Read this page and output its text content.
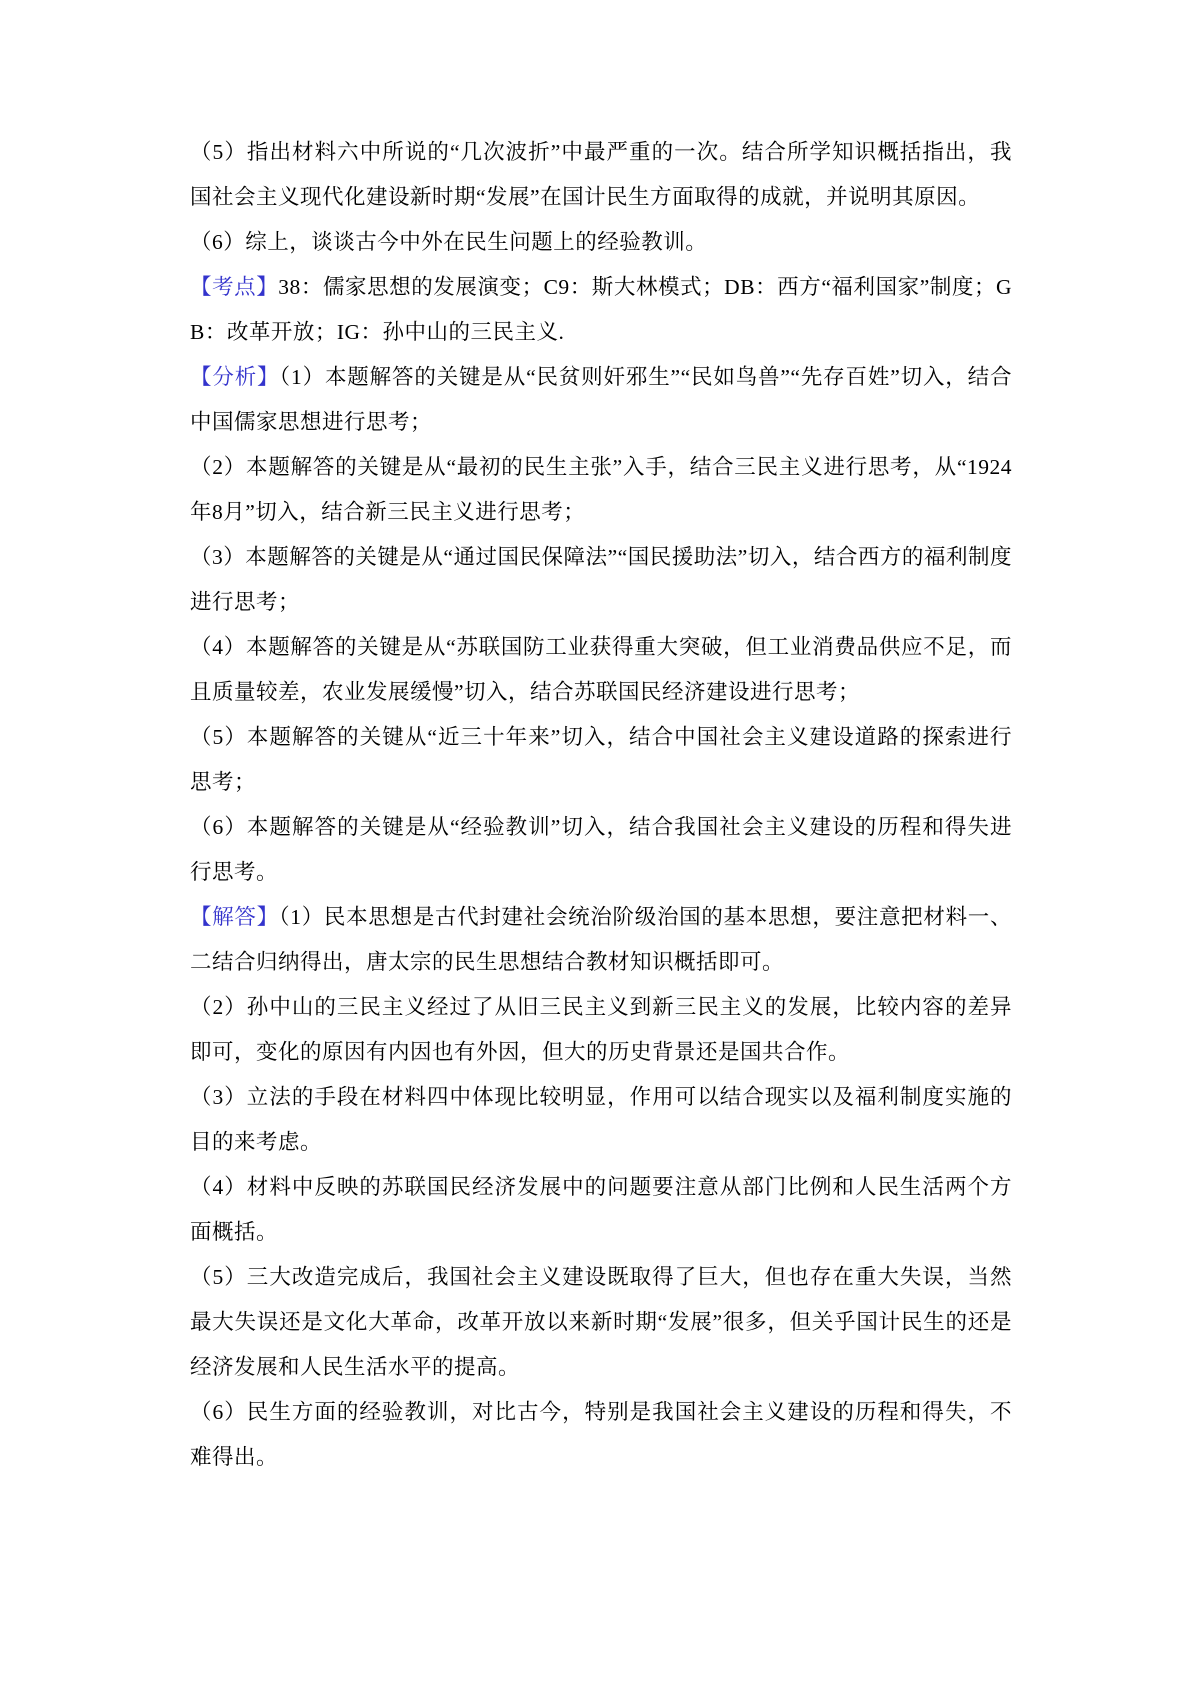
（5）指出材料六中所说的“几次波折”中最严重的一次。结合所学知识概括指出，我国社会主义现代化建设新时期“发展”在国计民生方面取得的成就，并说明其原因。

（6）综上，谈谈古今中外在民生问题上的经验教训。

【考点】38：儒家思想的发展演变；C9：斯大林模式；DB：西方“福利国家”制度；GB：改革开放；IG：孙中山的三民主义.

【分析】（1）本题解答的关键是从“民贫则奸邪生”“民如鸟兽”“先存百姓”切入，结合中国儒家思想进行思考；

（2）本题解答的关键是从“最初的民生主张”入手，结合三民主义进行思考，从“1924年8月”切入，结合新三民主义进行思考；

（3）本题解答的关键是从“通过国民保障法”“国民援助法”切入，结合西方的福利制度进行思考；

（4）本题解答的关键是从“苏联国防工业获得重大突破，但工业消费品供应不足，而且质量较差，农业发展缓慢”切入，结合苏联国民经济建设进行思考；

（5）本题解答的关键从“近三十年来”切入，结合中国社会主义建设道路的探索进行思考；

（6）本题解答的关键是从“经验教训”切入，结合我国社会主义建设的历程和得失进行思考。

【解答】（1）民本思想是古代封建社会统治阶级治国的基本思想，要注意把材料一、二结合归纳得出，唐太宗的民生思想结合教材知识概括即可。

（2）孙中山的三民主义经过了从旧三民主义到新三民主义的发展，比较内容的差异即可，变化的原因有内因也有外因，但大的历史背景还是国共合作。

（3）立法的手段在材料四中体现比较明显，作用可以结合现实以及福利制度实施的目的来考虑。

（4）材料中反映的苏联国民经济发展中的问题要注意从部门比例和人民生活两个方面概括。

（5）三大改造完成后，我国社会主义建设既取得了巨大，但也存在重大失误，当然最大失误还是文化大革命，改革开放以来新时期“发展”很多，但关乎国计民生的还是经济发展和人民生活水平的提高。

（6）民生方面的经验教训，对比古今，特别是我国社会主义建设的历程和得失，不难得出。
